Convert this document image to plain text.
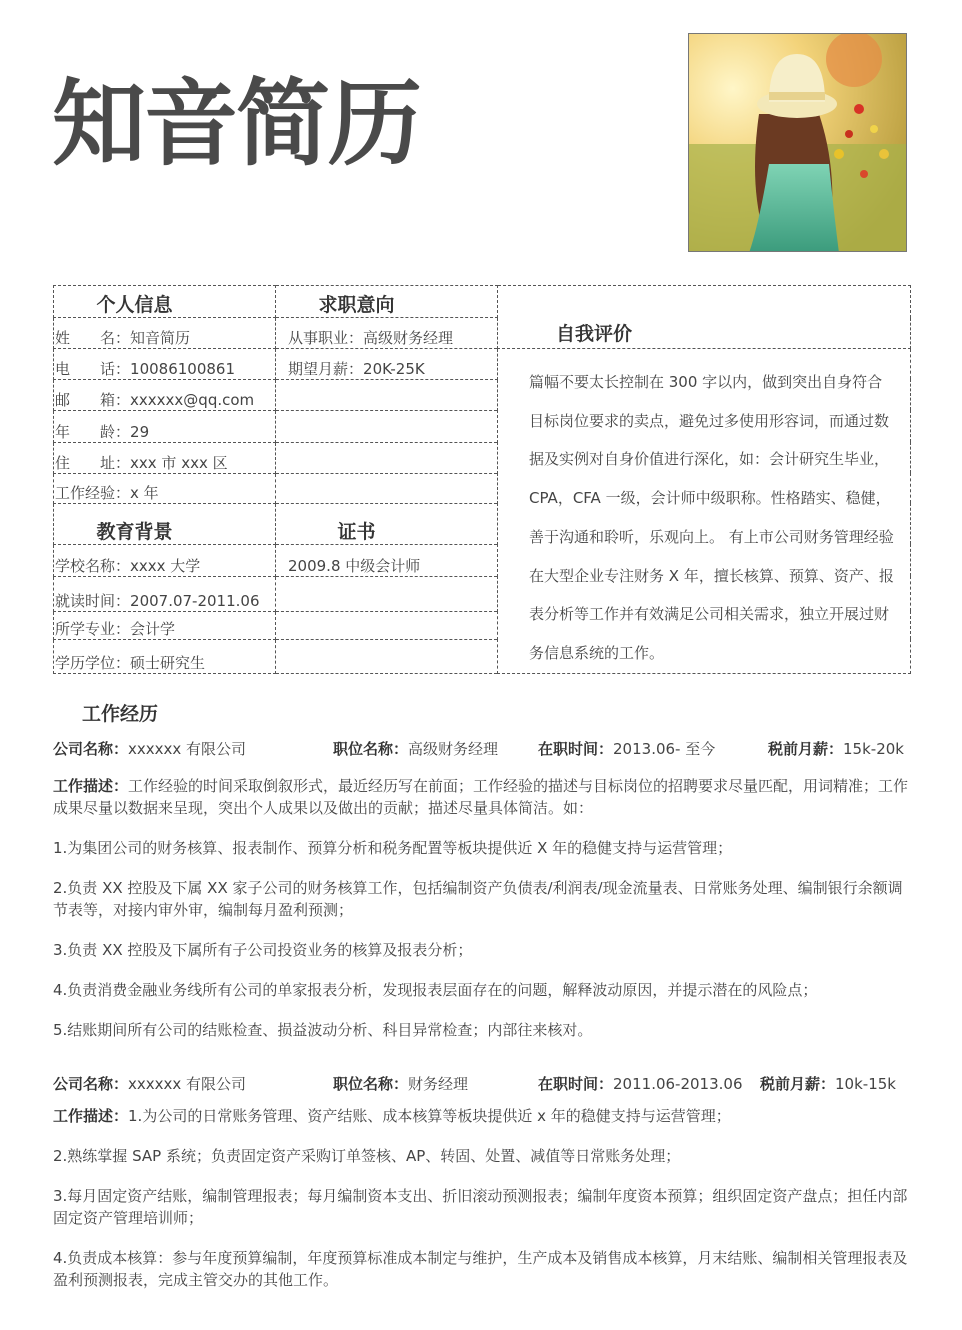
知音简历
个人信息	求职意向	自我评价
姓　　名：知音简历	从事职业：高级财务经理	
电　　话：10086100861	期望月薪：20K-25K	篇幅不要太长控制在 300 字以内，做到突出自身符合目标岗位要求的卖点，避免过多使用形容词，而通过数据及实例对自身价值进行深化，如：会计研究生毕业，CPA，CFA 一级，会计师中级职称。性格踏实、稳健，善于沟通和聆听，乐观向上。 有上市公司财务管理经验 在大型企业专注财务 X 年，擅长核算、预算、资产、报表分析等工作并有效满足公司相关需求，独立开展过财务信息系统的工作。
邮　　箱：xxxxxx@qq.com		
年　　龄：29		
住　　址：xxx 市 xxx 区		
工作经验：x 年		
教育背景	证书	
学校名称：xxxx 大学	2009.8 中级会计师	
就读时间：2007.07-2011.06		
所学专业：会计学		
学历学位：硕士研究生		
工作经历
公司名称：xxxxxx 有限公司	职位名称：高级财务经理	在职时间：2013.06- 至今	税前月薪：15k-20k

工作描述：工作经验的时间采取倒叙形式，最近经历写在前面；工作经验的描述与目标岗位的招聘要求尽量匹配，用词精准；工作成果尽量以数据来呈现，突出个人成果以及做出的贡献；描述尽量具体简洁。如：

1.为集团公司的财务核算、报表制作、预算分析和税务配置等板块提供近 X 年的稳健支持与运营管理；

2.负责 XX 控股及下属 XX 家子公司的财务核算工作，包括编制资产负债表/利润表/现金流量表、日常账务处理、编制银行余额调节表等，对接内审外审，编制每月盈利预测；

3.负责 XX 控股及下属所有子公司投资业务的核算及报表分析；

4.负责消费金融业务线所有公司的单家报表分析，发现报表层面存在的问题，解释波动原因，并提示潜在的风险点；

5.结账期间所有公司的结账检查、损益波动分析、科目异常检查；内部往来核对。

公司名称：xxxxxx 有限公司	职位名称：财务经理	在职时间：2011.06-2013.06 税前月薪：10k-15k

工作描述：1.为公司的日常账务管理、资产结账、成本核算等板块提供近 x 年的稳健支持与运营管理；

2.熟练掌握 SAP 系统；负责固定资产采购订单签核、AP、转固、处置、减值等日常账务处理；

3.每月固定资产结账，编制管理报表；每月编制资本支出、折旧滚动预测报表；编制年度资本预算；组织固定资产盘点；担任内部固定资产管理培训师；

4.负责成本核算：参与年度预算编制，年度预算标准成本制定与维护，生产成本及销售成本核算，月末结账、编制相关管理报表及盈利预测报表，完成主管交办的其他工作。
